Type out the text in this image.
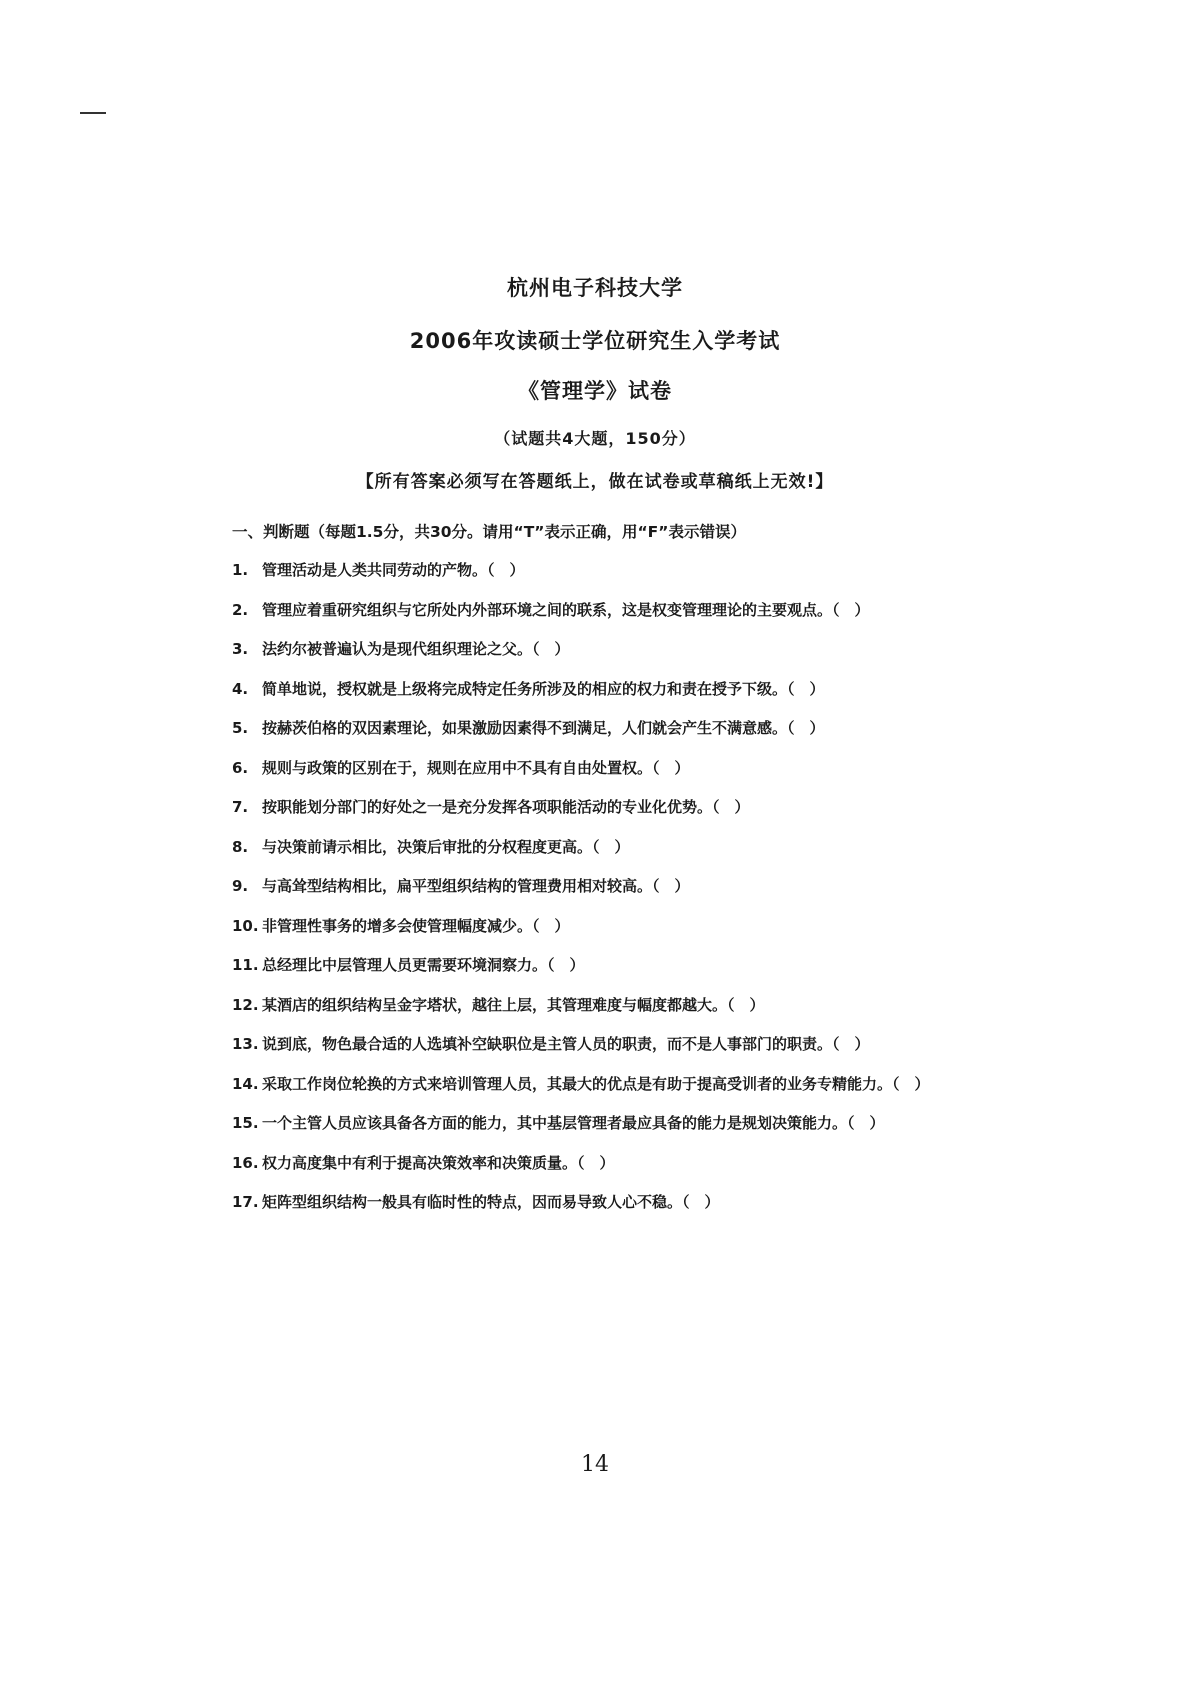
杭州电子科技大学
2006年攻读硕士学位研究生入学考试
《管理学》试卷
（试题共4大题，150分）
【所有答案必须写在答题纸上，做在试卷或草稿纸上无效!】
一、判断题（每题1.5分，共30分。请用“T”表示正确，用“F”表示错误）
1. 管理活动是人类共同劳动的产物。（　）
2. 管理应着重研究组织与它所处内外部环境之间的联系，这是权变管理理论的主要观点。（　）
3. 法约尔被普遍认为是现代组织理论之父。（　）
4. 简单地说，授权就是上级将完成特定任务所涉及的相应的权力和责在授予下级。（　）
5. 按赫茨伯格的双因素理论，如果激励因素得不到满足，人们就会产生不满意感。（　）
6. 规则与政策的区别在于，规则在应用中不具有自由处置权。（　）
7. 按职能划分部门的好处之一是充分发挥各项职能活动的专业化优势。（　）
8. 与决策前请示相比，决策后审批的分权程度更高。（　）
9. 与高耸型结构相比，扁平型组织结构的管理费用相对较高。（　）
10. 非管理性事务的增多会使管理幅度减少。（　）
11. 总经理比中层管理人员更需要环境洞察力。（　）
12. 某酒店的组织结构呈金字塔状，越往上层，其管理难度与幅度都越大。（　）
13. 说到底，物色最合适的人选填补空缺职位是主管人员的职责，而不是人事部门的职责。（　）
14. 采取工作岗位轮换的方式来培训管理人员，其最大的优点是有助于提高受训者的业务专精能力。（　）
15. 一个主管人员应该具备各方面的能力，其中基层管理者最应具备的能力是规划决策能力。（　）
16. 权力高度集中有利于提高决策效率和决策质量。（　）
17. 矩阵型组织结构一般具有临时性的特点，因而易导致人心不稳。（　）
14
